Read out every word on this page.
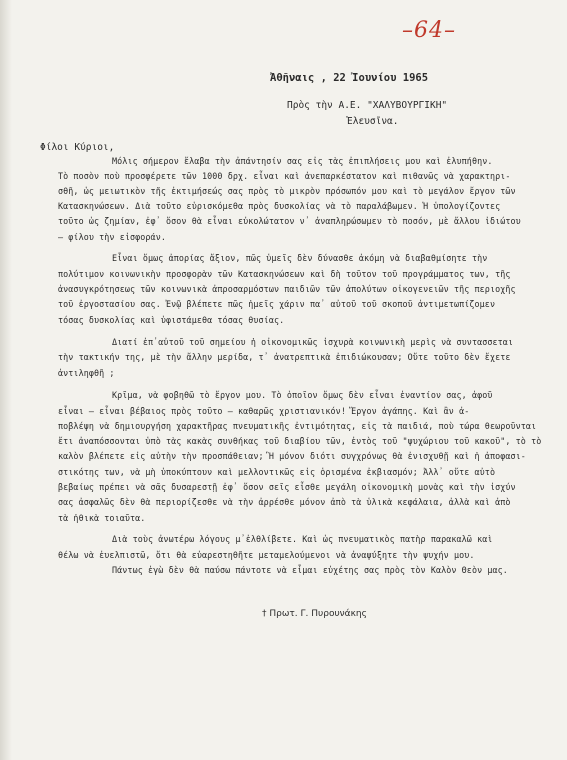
–64–
Ἀθῆναις , 22 Ἰουνίου 1965
Πρὸς τὴν Α.Ε. "ΧΑΛΥΒΟΥΡΓΙΚΗ"
Ἐλευσῖνα.
Φίλοι Κύριοι,
Μόλις σήμερον ἔλαβα τὴν ἀπάντησίν σας εἰς τὰς ἐπιπλήσεις μου καὶ ἐλυπήθην.
Τὸ ποσὸν ποὺ προσφέρετε τῶν 1000 δρχ. εἶναι καὶ ἀνεπαρκέστατον καὶ πιθανῶς νὰ χαρακτηρι-
σθῆ, ὡς μειωτικὸν τῆς ἐκτιμήσεώς σας πρὸς τὸ μικρὸν πρόσωπόν μου καὶ τὸ μεγάλον ἔργον τῶν
Κατασκηνώσεων. Διὰ τοῦτο εὑρισκόμεθα πρὸς δυσκολίας νὰ τὸ παραλάβωμεν. Ἡ ὑπολογίζοντες
τοῦτο ὡς ζημίαν, ἐφ᾿ ὅσον θὰ εἶναι εὐκολώτατον ν᾿ ἀναπληρώσωμεν τὸ ποσόν, μὲ ἄλλου ἰδιώτου
– φίλου τὴν εἰσφοράν.
Εἶναι ὅμως ἀπορίας ἄξιον, πῶς ὑμεῖς δὲν δύνασθε ἀκόμη νὰ διαβαθμίσητε τὴν
πολύτιμον κοινωνικὴν προσφορὰν τῶν Κατασκηνώσεων καὶ δὴ τοῦτον τοῦ προγράμματος των, τῆς
ἀνασυγκρότησεως τῶν κοινωνικὰ ἀπροσαρμόστων παιδιῶν τῶν ἀπολύτων οἰκογενειῶν τῆς περιοχῆς
τοῦ ἐργοστασίου σας. Ἐνῷ βλέπετε πῶς ἡμεῖς χάριν πα᾿ αὐτοῦ τοῦ σκοποῦ ἀντιμετωπίζομεν
τόσας δυσκολίας καὶ ὑφιστάμεθα τόσας θυσίας.
Διατί ἐπ᾿αὐτοῦ τοῦ σημείου ἡ οἰκονομικῶς ἰσχυρὰ κοινωνικὴ μερὶς νὰ συντασσεται
τὴν τακτικήν της, μὲ τὴν ἄλλην μερίδα, τ᾿ ἀνατρεπτικὰ ἐπιδιώκουσαν; Οὔτε τοῦτο δὲν ἔχετε
ἀντιληφθῆ ;
Κρῖμα, νὰ φοβηθῶ τὸ ἔργον μου. Τὸ ὁποῖον ὅμως δὲν εἶναι ἐναντίον σας, ἀφοῦ
εἶναι – εἶναι βέβαιος πρὸς τοῦτο – καθαρῶς χριστιανικόν! Ἔργον ἀγάπης. Καὶ ἂν ἀ-
ποβλέψη νὰ δημιουργήση χαρακτῆρας πνευματικῆς ἐντιμότητας, εἰς τὰ παιδιά, ποὺ τώρα θεωροῦνται
ἔτι ἀναπόσσονται ὑπὸ τὰς κακὰς συνθήκας τοῦ διαβίου τῶν, ἐντὸς τοῦ "ψυχώριου τοῦ κακοῦ", τὸ τὸ
καλὸν βλέπετε εἰς αὐτὴν τὴν προσπάθειαν; Ἢ μόνον διότι συγχρόνως θὰ ἐνισχυθῇ καὶ ἡ ἀποφασι-
στικότης των, νὰ μὴ ὑποκύπτουν καὶ μελλοντικῶς εἰς ὁρισμένα ἐκβιασμόν; Ἀλλ᾿ οὔτε αὐτὸ
βεβαίως πρέπει νὰ σᾶς δυσαρεστῇ ἐφ᾿ ὅσον σεῖς εἶσθε μεγάλη οἰκονομικὴ μονὰς καὶ τὴν ἰσχύν
σας ἀσφαλῶς δὲν θὰ περιορίζεσθε νὰ τὴν ἀρρέσθε μόνον ἀπὸ τὰ ὑλικὰ κεφάλαια, ἀλλὰ καὶ ἀπὸ
τὰ ἠθικὰ τοιαῦτα.
Διὰ τοὺς ἀνωτέρω λόγους μ᾿ἐλθλίβετε. Καὶ ὡς πνευματικὸς πατὴρ παρακαλῶ καὶ
θέλω νὰ ἐυελπιστῶ, ὅτι θὰ εὐαρεστηθῆτε μεταμελούμενοι νὰ ἀναψύξητε τὴν ψυχήν μου.
Πάντως ἐγὼ δὲν θὰ παύσω πάντοτε νὰ εἶμαι εὐχέτης σας πρὸς τὸν Καλὸν Θεὸν μας.
† Πρωτ. Γ. Πυρουνάκης
